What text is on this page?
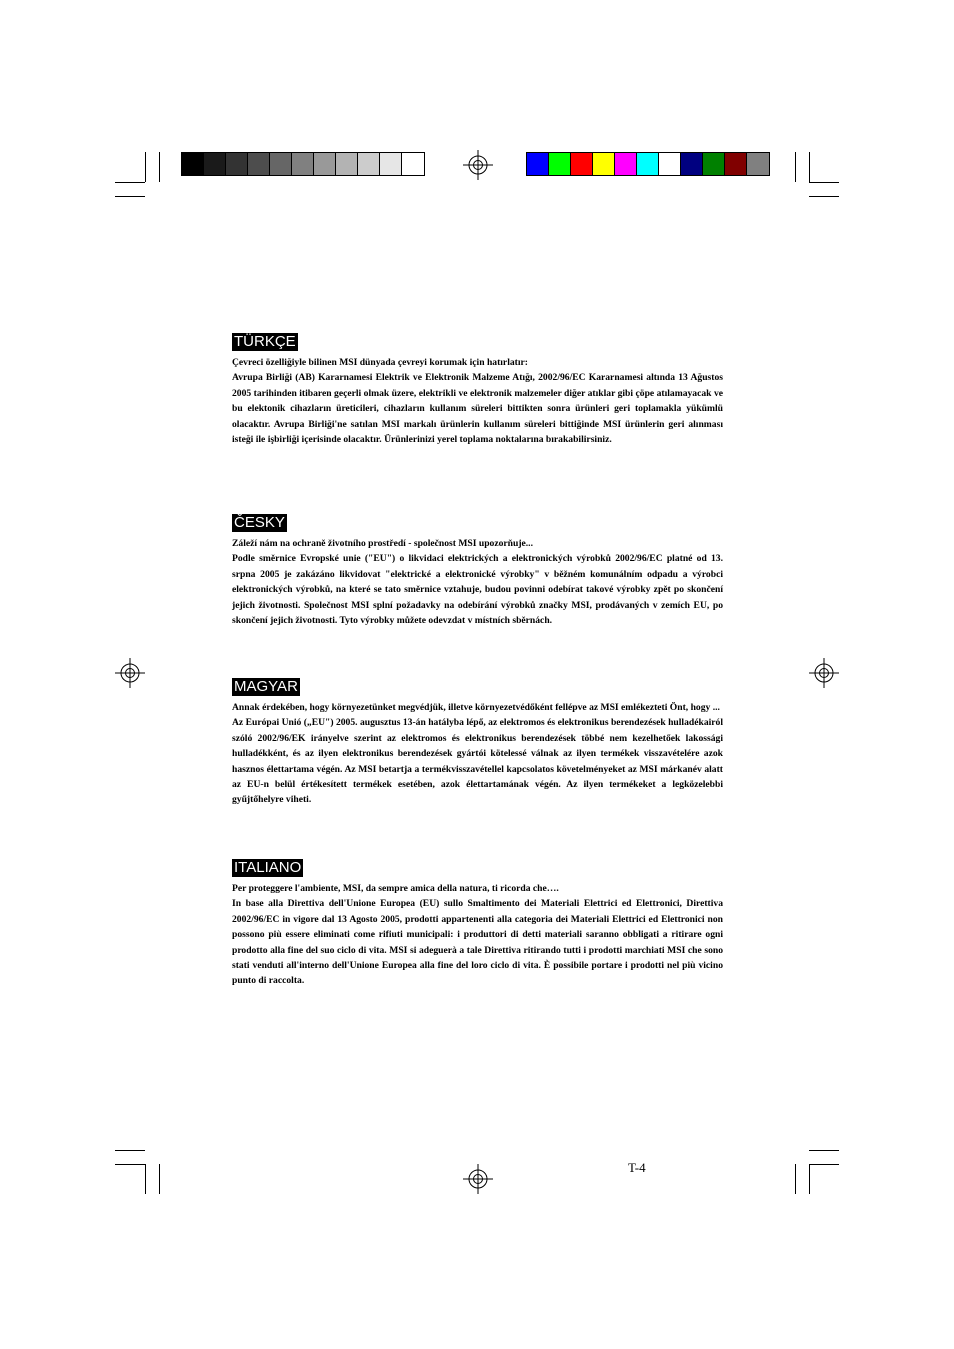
TÜRKÇE
Çevreci özelliğiyle bilinen MSI dünyada çevreyi korumak için hatırlatır:
Avrupa Birliği (AB) Kararnamesi Elektrik ve Elektronik Malzeme Atığı, 2002/96/EC Kararnamesi altında 13 Ağustos 2005 tarihinden itibaren geçerli olmak üzere, elektrikli ve elektronik malzemeler diğer atıklar gibi çöpe atılamayacak ve bu elektonik cihazların üreticileri, cihazların kullanım süreleri bittikten sonra ürünleri geri toplamakla yükümlü olacaktır. Avrupa Birliği'ne satılan MSI markalı ürünlerin kullanım süreleri bittiğinde MSI ürünlerin geri alınması isteği ile işbirliği içerisinde olacaktır. Ürünlerinizi yerel toplama noktalarına bırakabilirsiniz.
ČESKY
Záleží nám na ochraně životního prostředí - společnost MSI upozorňuje...
Podle směrnice Evropské unie ("EU") o likvidaci elektrických a elektronických výrobků 2002/96/EC platné od 13. srpna 2005 je zakázáno likvidovat "elektrické a elektronické výrobky" v běžném komunálním odpadu a výrobci elektronických výrobků, na které se tato směrnice vztahuje, budou povinni odebírat takové výrobky zpět po skončení jejich životnosti. Společnost MSI splní požadavky na odebírání výrobků značky MSI, prodávaných v zemích EU, po skončení jejich životnosti. Tyto výrobky můžete odevzdat v místních sběrnách.
MAGYAR
Annak érdekében, hogy környezetünket megvédjük, illetve környezetvédőként fellépve az MSI emlékezteti Önt, hogy ...
Az Európai Unió („EU") 2005. augusztus 13-án hatályba lépő, az elektromos és elektronikus berendezések hulladékairól szóló 2002/96/EK irányelve szerint az elektromos és elektronikus berendezések többé nem kezelhetőek lakossági hulladékként, és az ilyen elektronikus berendezések gyártói kötelessé válnak az ilyen termékek visszavételére azok hasznos élettartama végén. Az MSI betartja a termékvisszavétellel kapcsolatos követelményeket az MSI márkanév alatt az EU-n belül értékesített termékek esetében, azok élettartamának végén. Az ilyen termékeket a legközelebbi gyűjtőhelyre viheti.
ITALIANO
Per proteggere l'ambiente, MSI, da sempre amica della natura, ti ricorda che….
In base alla Direttiva dell'Unione Europea (EU) sullo Smaltimento dei Materiali Elettrici ed Elettronici, Direttiva 2002/96/EC in vigore dal 13 Agosto 2005, prodotti appartenenti alla categoria dei Materiali Elettrici ed Elettronici non possono più essere eliminati come rifiuti municipali: i produttori di detti materiali saranno obbligati a ritirare ogni prodotto alla fine del suo ciclo di vita. MSI si adeguerà a tale Direttiva ritirando tutti i prodotti marchiati MSI che sono stati venduti all'interno dell'Unione Europea alla fine del loro ciclo di vita. È possibile portare i prodotti nel più vicino punto di raccolta.
T-4
